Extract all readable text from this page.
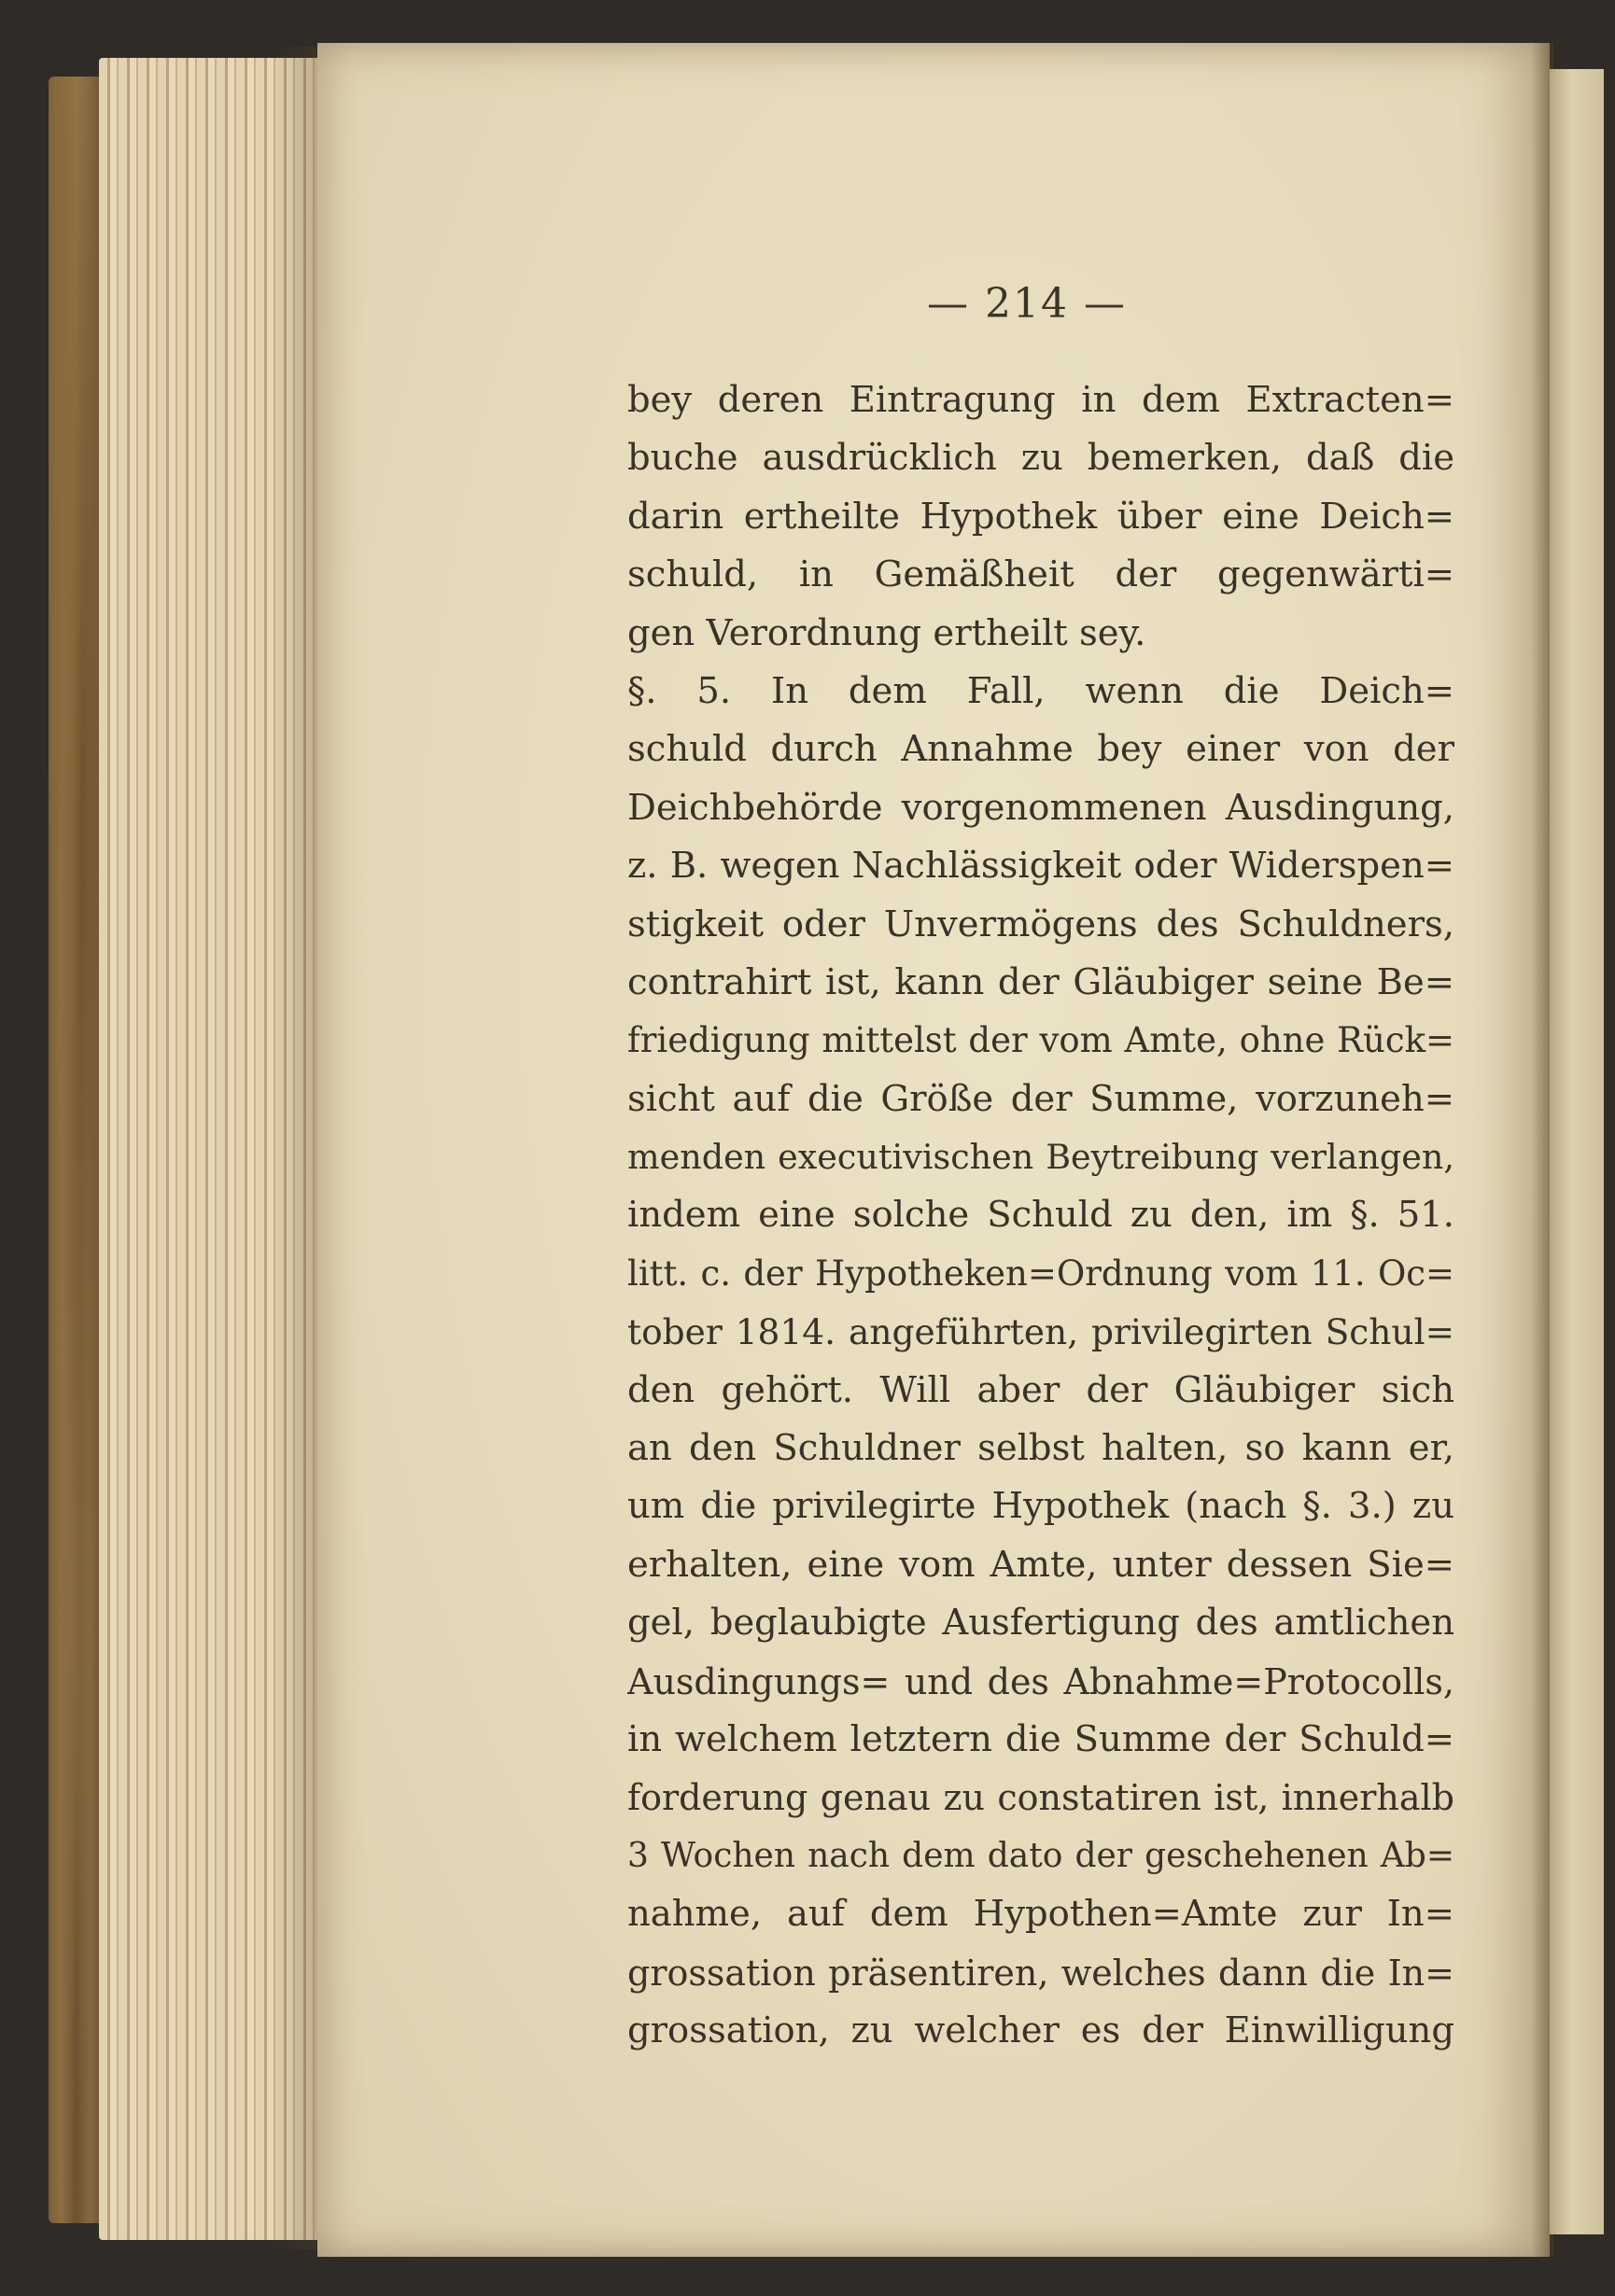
— 214 —
bey deren Eintragung in dem Extracten=
buche ausdrücklich zu bemerken, daß die
darin ertheilte Hypothek über eine Deich=
schuld, in Gemäßheit der gegenwärti=
gen Verordnung ertheilt sey.
§. 5. In dem Fall, wenn die Deich=
schuld durch Annahme bey einer von der
Deichbehörde vorgenommenen Ausdingung,
z. B. wegen Nachlässigkeit oder Widerspen=
stigkeit oder Unvermögens des Schuldners,
contrahirt ist, kann der Gläubiger seine Be=
friedigung mittelst der vom Amte, ohne Rück=
sicht auf die Größe der Summe, vorzuneh=
menden executivischen Beytreibung verlangen,
indem eine solche Schuld zu den, im §. 51.
litt. c. der Hypotheken=Ordnung vom 11. Oc=
tober 1814. angeführten, privilegirten Schul=
den gehört. Will aber der Gläubiger sich
an den Schuldner selbst halten, so kann er,
um die privilegirte Hypothek (nach §. 3.) zu
erhalten, eine vom Amte, unter dessen Sie=
gel, beglaubigte Ausfertigung des amtlichen
Ausdingungs= und des Abnahme=Protocolls,
in welchem letztern die Summe der Schuld=
forderung genau zu constatiren ist, innerhalb
3 Wochen nach dem dato der geschehenen Ab=
nahme, auf dem Hypothen=Amte zur In=
grossation präsentiren, welches dann die In=
grossation, zu welcher es der Einwilligung
